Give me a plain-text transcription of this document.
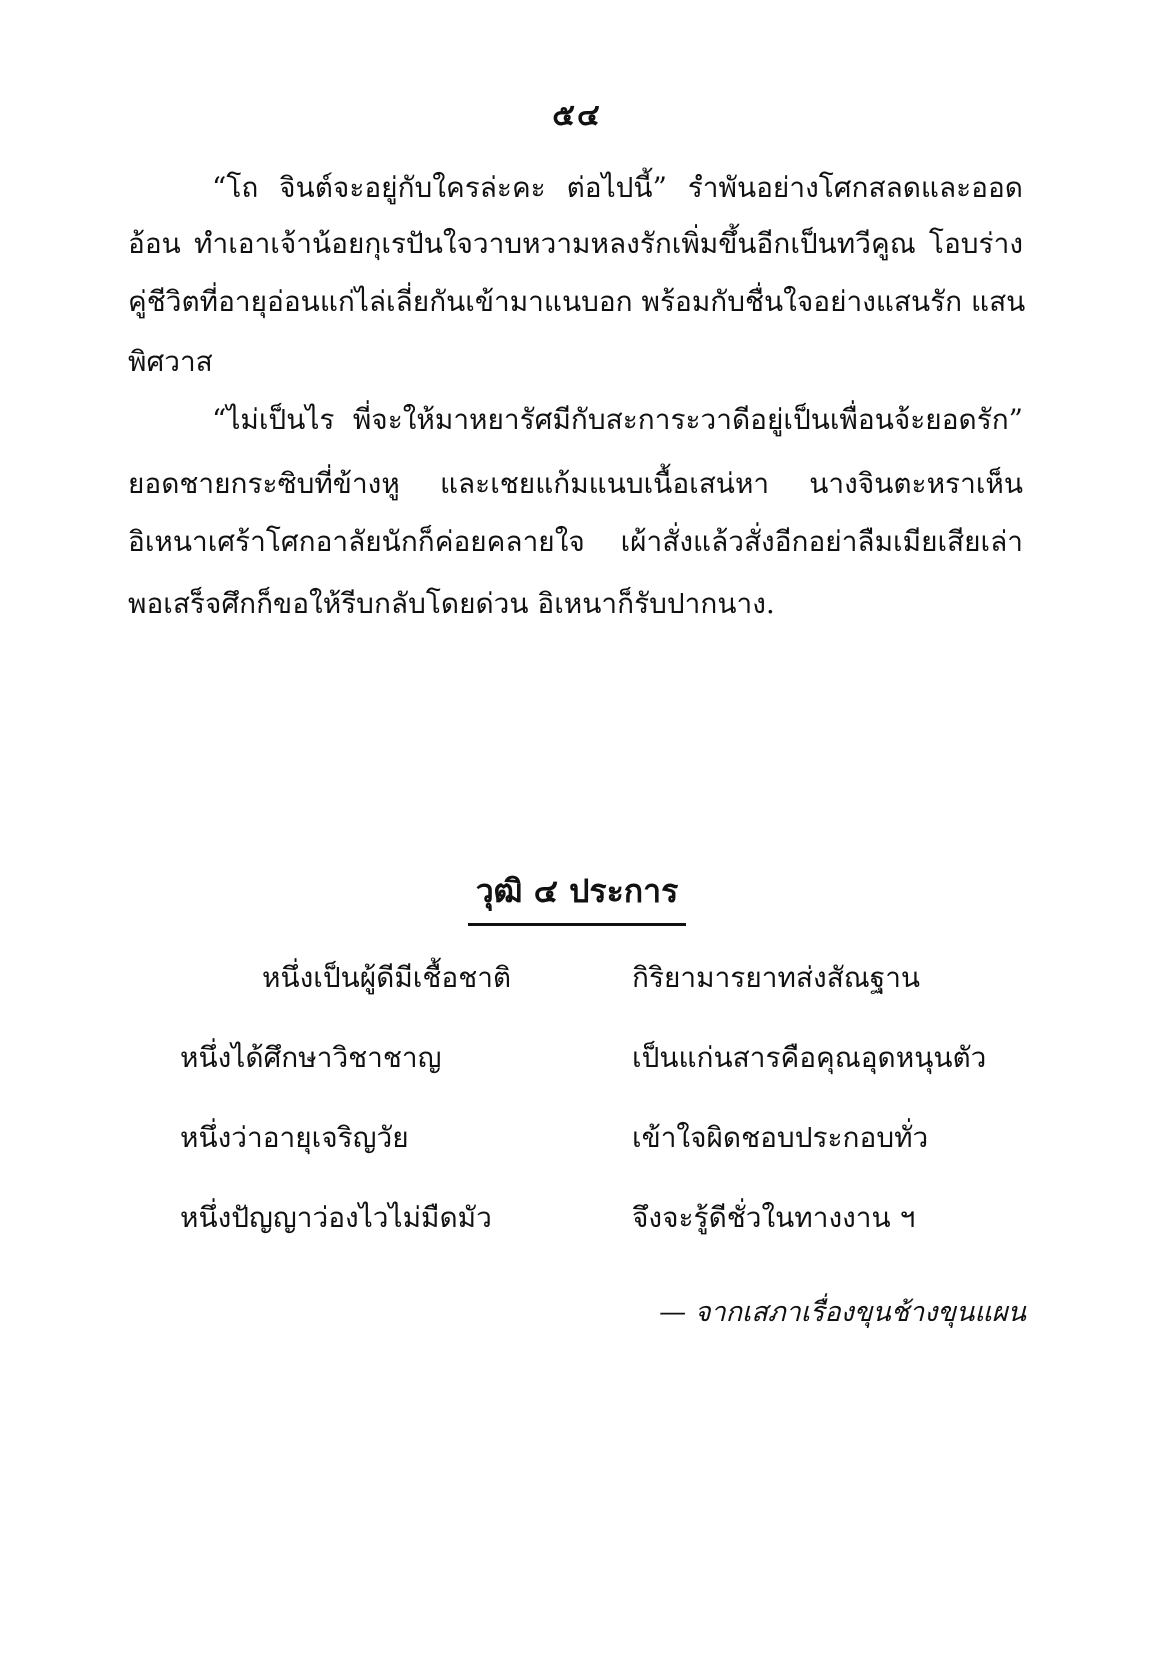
๕๔
“โถ จินต์จะอยู่กับใครล่ะคะ ต่อไปนี้” รำพันอย่างโศกสลดและออด
อ้อน ทำเอาเจ้าน้อยกุเรปันใจวาบหวามหลงรักเพิ่มขึ้นอีกเป็นทวีคูณ โอบร่าง
คู่ชีวิตที่อายุอ่อนแก่ไล่เลี่ยกันเข้ามาแนบอก พร้อมกับชื่นใจอย่างแสนรัก แสน
พิศวาส
“ไม่เป็นไร พี่จะให้มาหยารัศมีกับสะการะวาดีอยู่เป็นเพื่อนจ้ะยอดรัก”
ยอดชายกระซิบที่ข้างหู และเชยแก้มแนบเนื้อเสน่หา นางจินตะหราเห็น
อิเหนาเศร้าโศกอาลัยนักก็ค่อยคลายใจ เผ้าสั่งแล้วสั่งอีกอย่าลืมเมียเสียเล่า
พอเสร็จศึกก็ขอให้รีบกลับโดยด่วน อิเหนาก็รับปากนาง.
วุฒิ ๔ ประการ
หนึ่งเป็นผู้ดีมีเชื้อชาติ	กิริยามารยาทส่งสัณฐาน
หนึ่งได้ศึกษาวิชาชาญ	เป็นแก่นสารคือคุณอุดหนุนตัว
หนึ่งว่าอายุเจริญวัย	เข้าใจผิดชอบประกอบทั่ว
หนึ่งปัญญาว่องไวไม่มืดมัว	จึงจะรู้ดีชั่วในทางงาน ฯ
— จากเสภาเรื่องขุนช้างขุนแผน
